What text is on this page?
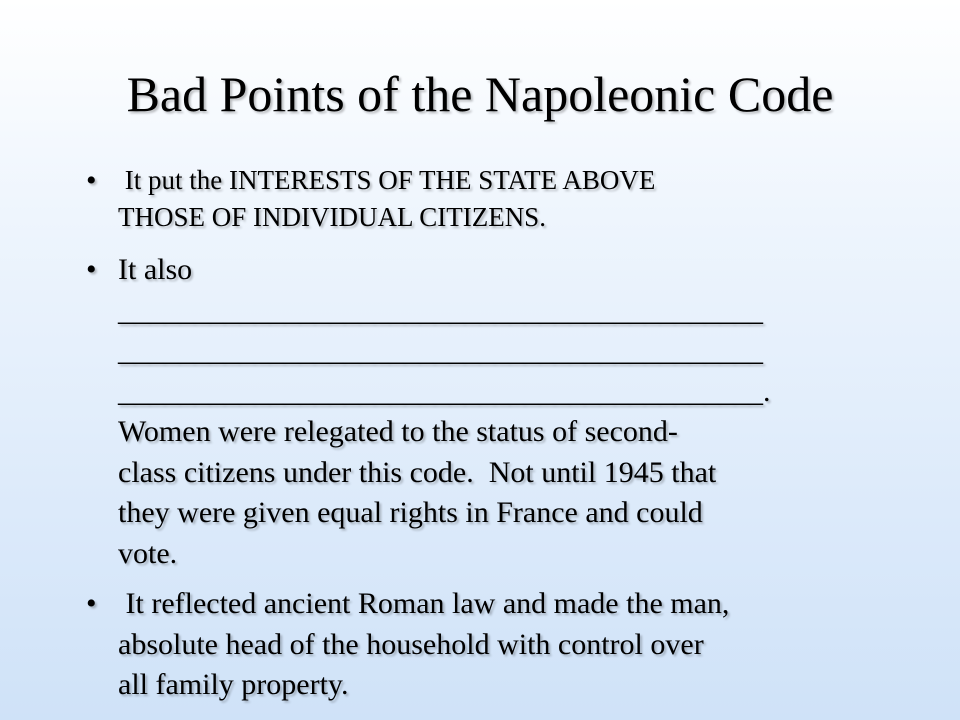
Bad Points of the Napoleonic Code
• It put the INTERESTS OF THE STATE ABOVE
THOSE OF INDIVIDUAL CITIZENS.
• It also
___________________________________________
___________________________________________
___________________________________________.
Women were relegated to the status of second-
class citizens under this code.  Not until 1945 that
they were given equal rights in France and could
vote.
• It reflected ancient Roman law and made the man,
absolute head of the household with control over
all family property.
